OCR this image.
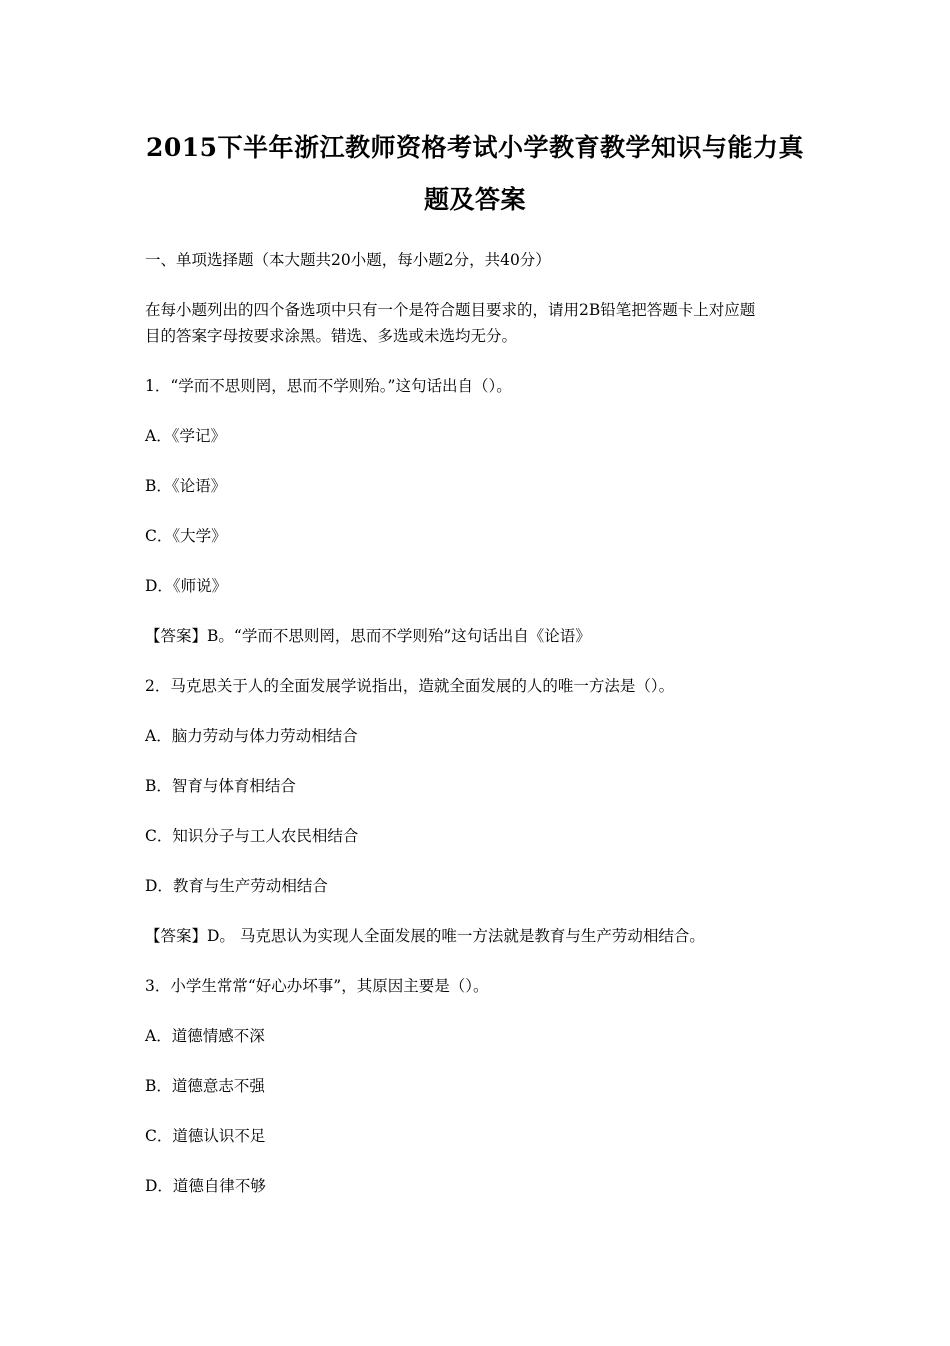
2015下半年浙江教师资格考试小学教育教学知识与能力真
题及答案
一、单项选择题（本大题共20小题，每小题2分，共40分）
在每小题列出的四个备选项中只有一个是符合题目要求的，请用2B铅笔把答题卡上对应题
目的答案字母按要求涂黑。错选、多选或未选均无分。
1．“学而不思则罔，思而不学则殆。”这句话出自（）。
A．《学记》
B．《论语》
C．《大学》
D．《师说》
【答案】B。“学而不思则罔，思而不学则殆”这句话出自《论语》
2．马克思关于人的全面发展学说指出，造就全面发展的人的唯一方法是（）。
A．脑力劳动与体力劳动相结合
B．智育与体育相结合
C．知识分子与工人农民相结合
D．教育与生产劳动相结合
【答案】D。 马克思认为实现人全面发展的唯一方法就是教育与生产劳动相结合。
3．小学生常常“好心办坏事”，其原因主要是（）。
A．道德情感不深
B．道德意志不强
C．道德认识不足
D．道德自律不够
